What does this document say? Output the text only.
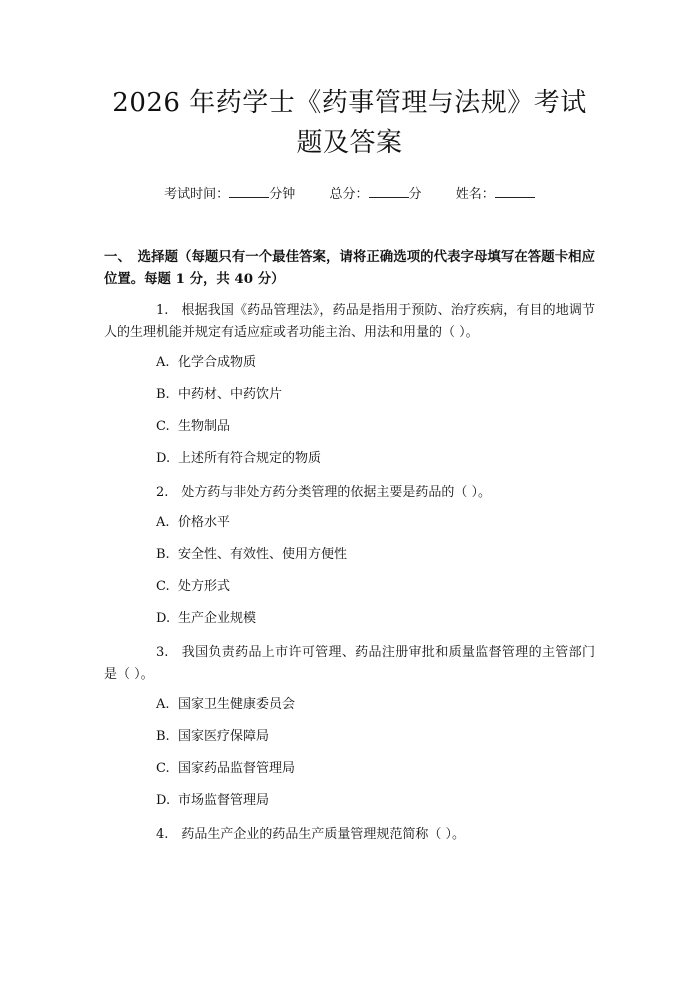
2026 年药学士《药事管理与法规》考试题及答案
考试时间：	分钟	总分：	分	姓名：
一、　选择题（每题只有一个最佳答案，请将正确选项的代表字母填写在答题卡相应位置。每题 1 分，共 40 分）
1.  根据我国《药品管理法》，药品是指用于预防、治疗疾病，有目的地调节人的生理机能并规定有适应症或者功能主治、用法和用量的（ ）。
A. 化学合成物质
B. 中药材、中药饮片
C. 生物制品
D. 上述所有符合规定的物质
2.  处方药与非处方药分类管理的依据主要是药品的（ ）。
A. 价格水平
B. 安全性、有效性、使用方便性
C. 处方形式
D. 生产企业规模
3.  我国负责药品上市许可管理、药品注册审批和质量监督管理的主管部门是（ ）。
A. 国家卫生健康委员会
B. 国家医疗保障局
C. 国家药品监督管理局
D. 市场监督管理局
4.  药品生产企业的药品生产质量管理规范简称（ ）。
